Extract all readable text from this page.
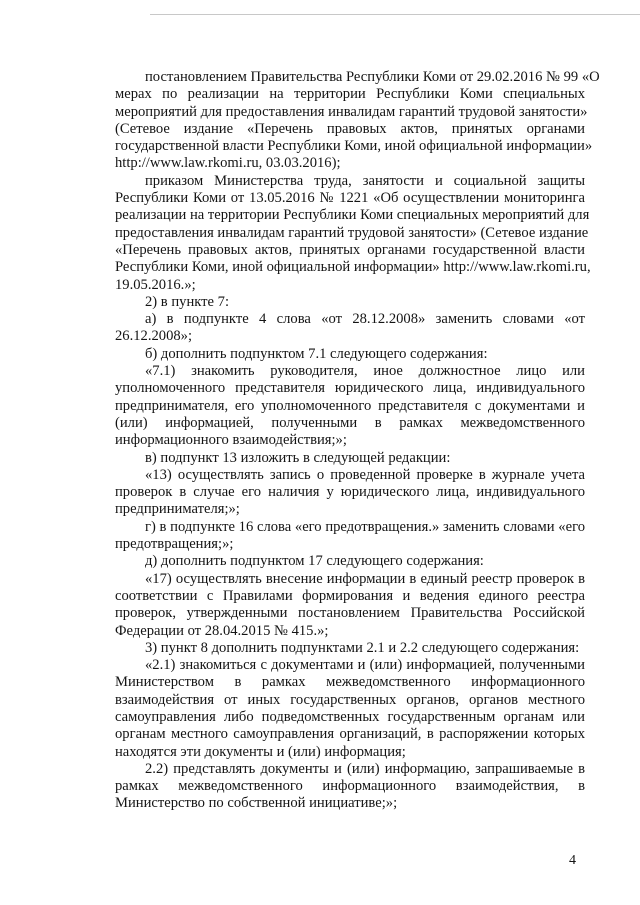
постановлением Правительства Республики Коми от 29.02.2016 № 99 «О
мерах по реализации на территории Республики Коми специальных
мероприятий для предоставления инвалидам гарантий трудовой занятости»
(Сетевое издание «Перечень правовых актов, принятых органами
государственной власти Республики Коми, иной официальной информации»
http://www.law.rkomi.ru, 03.03.2016);
приказом Министерства труда, занятости и социальной защиты
Республики Коми от 13.05.2016 № 1221 «Об осуществлении мониторинга
реализации на территории Республики Коми специальных мероприятий для
предоставления инвалидам гарантий трудовой занятости» (Сетевое издание
«Перечень правовых актов, принятых органами государственной власти
Республики Коми, иной официальной информации» http://www.law.rkomi.ru,
19.05.2016.»;
2) в пункте 7:
а) в подпункте 4 слова «от 28.12.2008» заменить словами «от
26.12.2008»;
б) дополнить подпунктом 7.1 следующего содержания:
«7.1) знакомить руководителя, иное должностное лицо или
уполномоченного представителя юридического лица, индивидуального
предпринимателя, его уполномоченного представителя с документами и
(или) информацией, полученными в рамках межведомственного
информационного взаимодействия;»;
в) подпункт 13 изложить в следующей редакции:
«13) осуществлять запись о проведенной проверке в журнале учета
проверок в случае его наличия у юридического лица, индивидуального
предпринимателя;»;
г) в подпункте 16 слова «его предотвращения.» заменить словами «его
предотвращения;»;
д) дополнить подпунктом 17 следующего содержания:
«17) осуществлять внесение информации в единый реестр проверок в
соответствии с Правилами формирования и ведения единого реестра
проверок, утвержденными постановлением Правительства Российской
Федерации от 28.04.2015 № 415.»;
3) пункт 8 дополнить подпунктами 2.1 и 2.2 следующего содержания:
«2.1) знакомиться с документами и (или) информацией, полученными
Министерством в рамках межведомственного информационного
взаимодействия от иных государственных органов, органов местного
самоуправления либо подведомственных государственным органам или
органам местного самоуправления организаций, в распоряжении которых
находятся эти документы и (или) информация;
2.2) представлять документы и (или) информацию, запрашиваемые в
рамках межведомственного информационного взаимодействия, в
Министерство по собственной инициативе;»;
4
